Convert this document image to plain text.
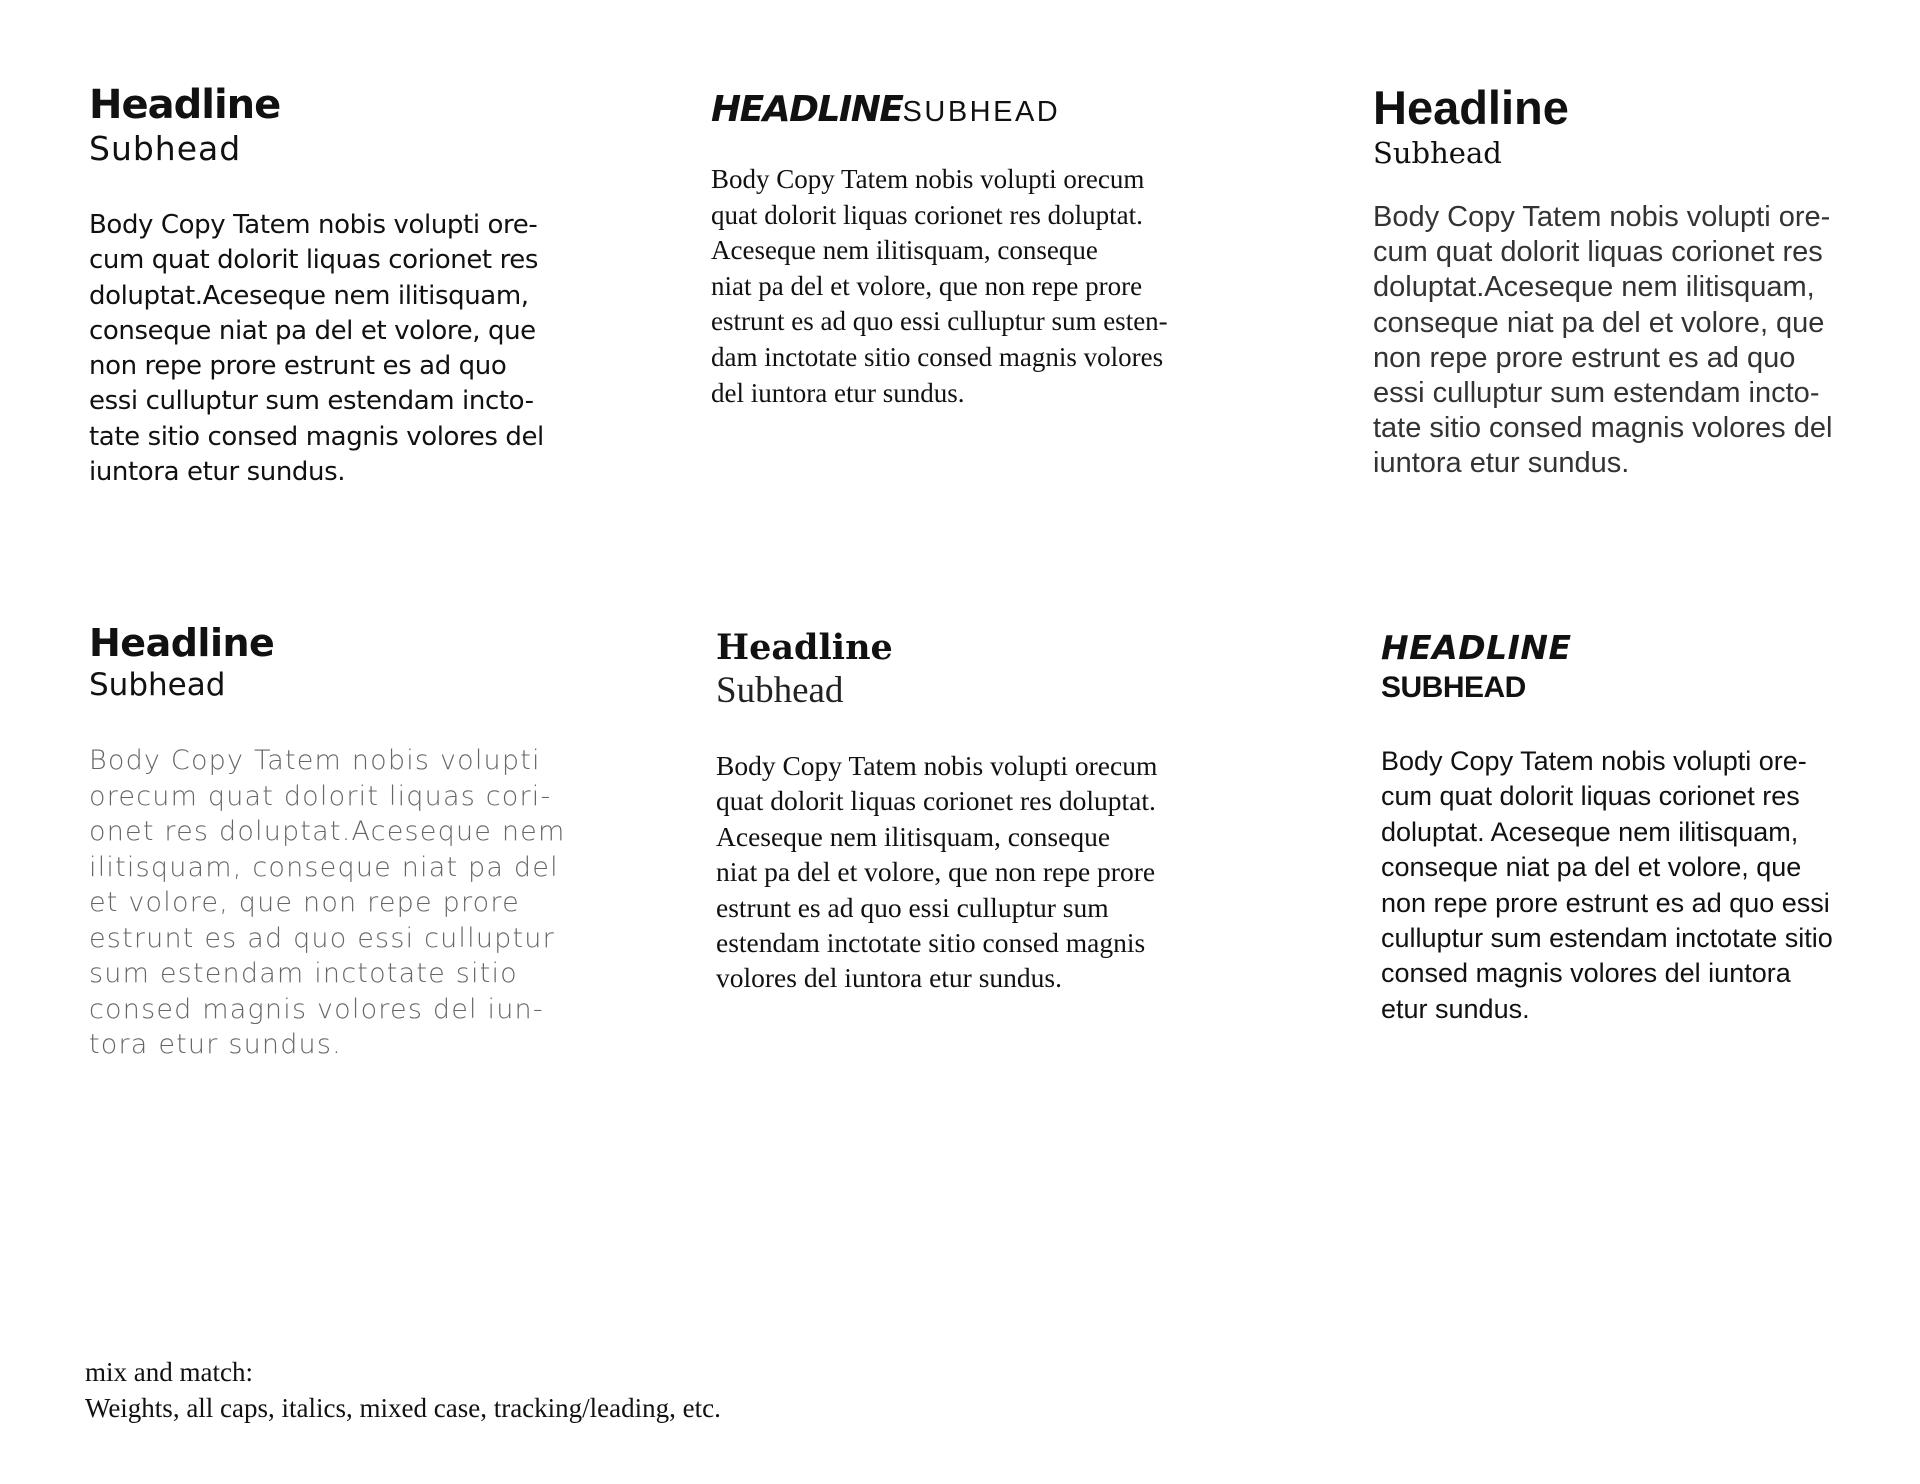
Headline
Subhead

Body Copy Tatem nobis volupti ore-
cum quat dolorit liquas corionet res
doluptat.Aceseque nem ilitisquam,
conseque niat pa del et volore, que
non repe prore estrunt es ad quo
essi culluptur sum estendam incto-
tate sitio consed magnis volores del
iuntora etur sundus.

HEADLINESUBHEAD

Body Copy Tatem nobis volupti orecum
quat dolorit liquas corionet res doluptat.
Aceseque nem ilitisquam, conseque
niat pa del et volore, que non repe prore
estrunt es ad quo essi culluptur sum esten-
dam inctotate sitio consed magnis volores
del iuntora etur sundus.

Headline
Subhead

Body Copy Tatem nobis volupti ore-
cum quat dolorit liquas corionet res
doluptat.Aceseque nem ilitisquam,
conseque niat pa del et volore, que
non repe prore estrunt es ad quo
essi culluptur sum estendam incto-
tate sitio consed magnis volores del
iuntora etur sundus.

Headline
Subhead

Body Copy Tatem nobis volupti
orecum quat dolorit liquas cori-
onet res doluptat.Aceseque nem
ilitisquam, conseque niat pa del
et volore, que non repe prore
estrunt es ad quo essi culluptur
sum estendam inctotate sitio
consed magnis volores del iun-
tora etur sundus.

Headline
Subhead

Body Copy Tatem nobis volupti orecum
quat dolorit liquas corionet res doluptat.
Aceseque nem ilitisquam, conseque
niat pa del et volore, que non repe prore
estrunt es ad quo essi culluptur sum
estendam inctotate sitio consed magnis
volores del iuntora etur sundus.

HEADLINE
SUBHEAD

Body Copy Tatem nobis volupti ore-
cum quat dolorit liquas corionet res
doluptat. Aceseque nem ilitisquam,
conseque niat pa del et volore, que
non repe prore estrunt es ad quo essi
culluptur sum estendam inctotate sitio
consed magnis volores del iuntora
etur sundus.

mix and match:
Weights, all caps, italics, mixed case, tracking/leading, etc.
